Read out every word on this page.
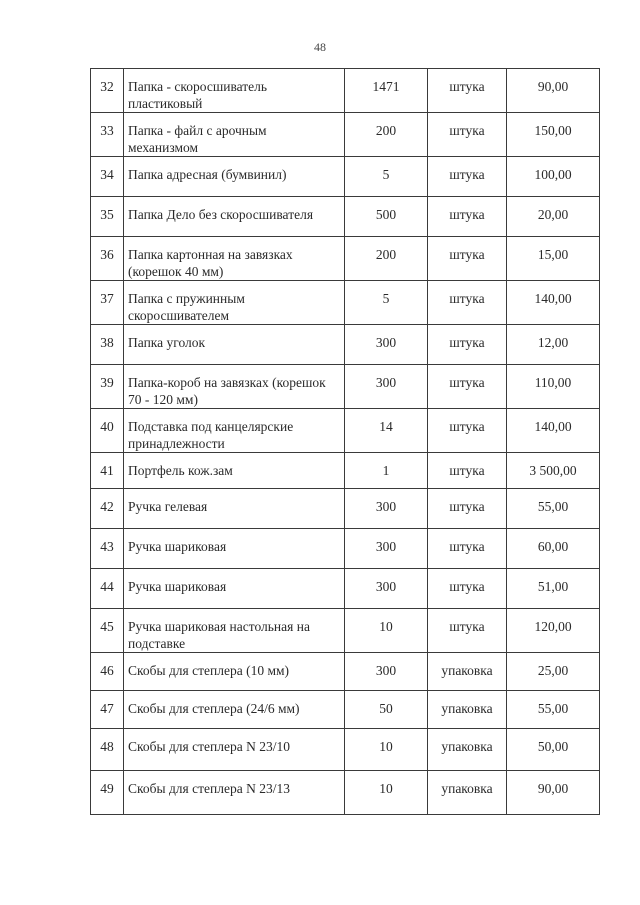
48
32	Папка - скоросшиватель пластиковый	1471	штука	90,00
33	Папка - файл с арочным механизмом	200	штука	150,00
34	Папка адресная (бумвинил)	5	штука	100,00
35	Папка Дело без скоросшивателя	500	штука	20,00
36	Папка картонная на завязках (корешок 40 мм)	200	штука	15,00
37	Папка с пружинным скоросшивателем	5	штука	140,00
38	Папка уголок	300	штука	12,00
39	Папка-короб на завязках (корешок 70 - 120 мм)	300	штука	110,00
40	Подставка под канцелярские принадлежности	14	штука	140,00
41	Портфель кож.зам	1	штука	3 500,00
42	Ручка гелевая	300	штука	55,00
43	Ручка шариковая	300	штука	60,00
44	Ручка шариковая	300	штука	51,00
45	Ручка шариковая настольная на подставке	10	штука	120,00
46	Скобы для степлера (10 мм)	300	упаковка	25,00
47	Скобы для степлера (24/6 мм)	50	упаковка	55,00
48	Скобы для степлера N 23/10	10	упаковка	50,00
49	Скобы для степлера N 23/13	10	упаковка	90,00
